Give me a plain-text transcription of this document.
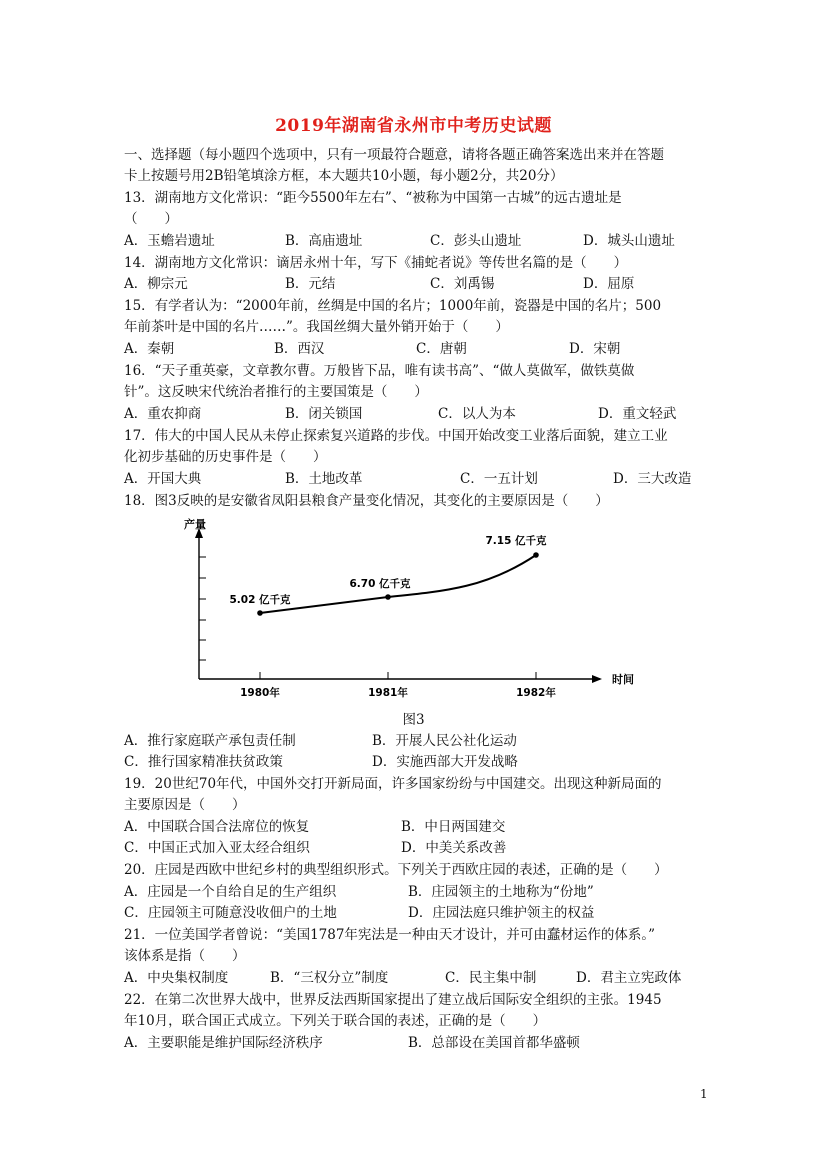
2019年湖南省永州市中考历史试题
一、选择题（每小题四个选项中，只有一项最符合题意，请将各题正确答案选出来并在答题
卡上按题号用2B铅笔填涂方框，本大题共10小题，每小题2分，共20分）
13．湖南地方文化常识：“距今5500年左右”、“被称为中国第一古城”的远古遗址是
（　　）
A．玉蟾岩遗址	B．高庙遗址	C．彭头山遗址	D．城头山遗址
14．湖南地方文化常识：谪居永州十年，写下《捕蛇者说》等传世名篇的是（　　）
A．柳宗元	B．元结	C．刘禹锡	D．屈原
15．有学者认为：“2000年前，丝绸是中国的名片；1000年前，瓷器是中国的名片；500
年前茶叶是中国的名片……”。我国丝绸大量外销开始于（　　）
A．秦朝	B．西汉	C．唐朝	D．宋朝
16．“天子重英豪，文章教尔曹。万般皆下品，唯有读书高”、“做人莫做军，做铁莫做
针”。这反映宋代统治者推行的主要国策是（　　）
A．重农抑商	B．闭关锁国	C．以人为本	D．重文轻武
17．伟大的中国人民从未停止探索复兴道路的步伐。中国开始改变工业落后面貌，建立工业
化初步基础的历史事件是（　　）
A．开国大典	B．土地改革	C．一五计划	D．三大改造
18．图3反映的是安徽省凤阳县粮食产量变化情况，其变化的主要原因是（　　）
产量
时间
1980年	1981年	1982年
5.02 亿千克
6.70 亿千克
7.15 亿千克
图3
A．推行家庭联产承包责任制	B．开展人民公社化运动
C．推行国家精准扶贫政策	D．实施西部大开发战略
19．20世纪70年代，中国外交打开新局面，许多国家纷纷与中国建交。出现这种新局面的
主要原因是（　　）
A．中国联合国合法席位的恢复	B．中日两国建交
C．中国正式加入亚太经合组织	D．中美关系改善
20．庄园是西欧中世纪乡村的典型组织形式。下列关于西欧庄园的表述，正确的是（　　）
A．庄园是一个自给自足的生产组织	B．庄园领主的土地称为“份地”
C．庄园领主可随意没收佃户的土地	D．庄园法庭只维护领主的权益
21．一位美国学者曾说：“美国1787年宪法是一种由天才设计，并可由蠢材运作的体系。”
该体系是指（　　）
A．中央集权制度	B．“三权分立”制度	C．民主集中制	D．君主立宪政体
22．在第二次世界大战中，世界反法西斯国家提出了建立战后国际安全组织的主张。1945
年10月，联合国正式成立。下列关于联合国的表述，正确的是（　　）
A．主要职能是维护国际经济秩序	B．总部设在美国首都华盛顿
1
